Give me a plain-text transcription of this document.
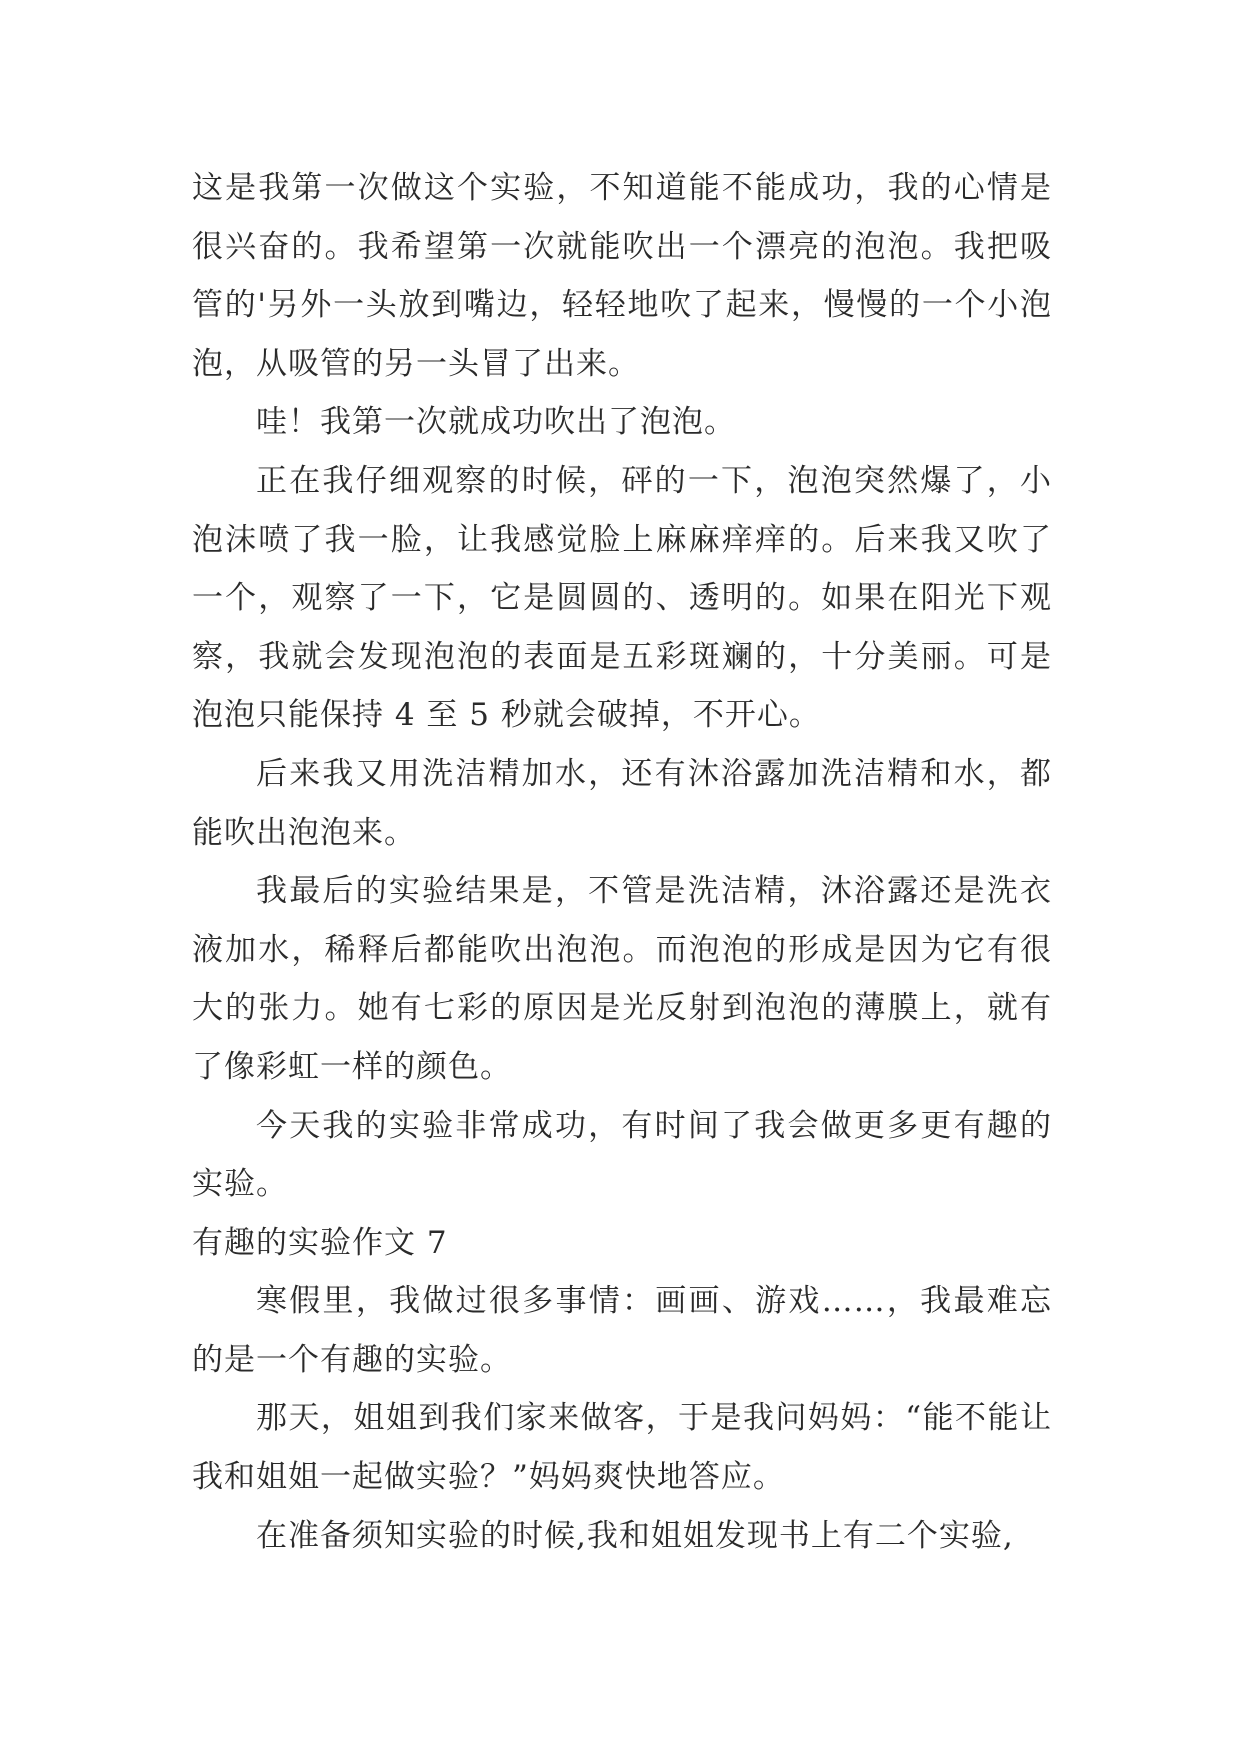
这是我第一次做这个实验，不知道能不能成功，我的心情是很兴奋的。我希望第一次就能吹出一个漂亮的泡泡。我把吸管的'另外一头放到嘴边，轻轻地吹了起来，慢慢的一个小泡泡，从吸管的另一头冒了出来。

哇！我第一次就成功吹出了泡泡。

正在我仔细观察的时候，砰的一下，泡泡突然爆了，小泡沫喷了我一脸，让我感觉脸上麻麻痒痒的。后来我又吹了一个，观察了一下，它是圆圆的、透明的。如果在阳光下观察，我就会发现泡泡的表面是五彩斑斓的，十分美丽。可是泡泡只能保持 4 至 5 秒就会破掉，不开心。

后来我又用洗洁精加水，还有沐浴露加洗洁精和水，都能吹出泡泡来。

我最后的实验结果是，不管是洗洁精，沐浴露还是洗衣液加水，稀释后都能吹出泡泡。而泡泡的形成是因为它有很大的张力。她有七彩的原因是光反射到泡泡的薄膜上，就有了像彩虹一样的颜色。

今天我的实验非常成功，有时间了我会做更多更有趣的实验。

有趣的实验作文 7

寒假里，我做过很多事情：画画、游戏……，我最难忘的是一个有趣的实验。

那天，姐姐到我们家来做客，于是我问妈妈：“能不能让我和姐姐一起做实验？”妈妈爽快地答应。

在准备须知实验的时候,我和姐姐发现书上有二个实验,
